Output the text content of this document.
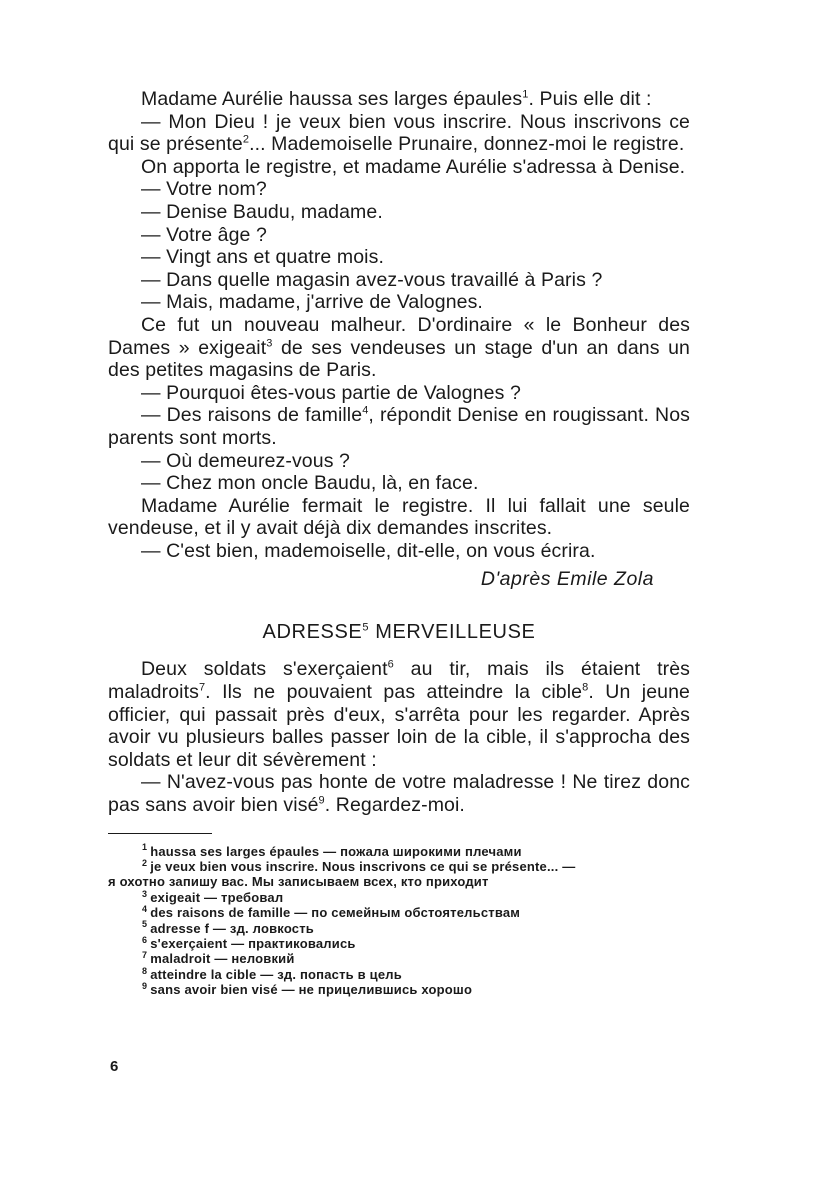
Madame Aurélie haussa ses larges épaules$^1$. Puis elle dit :

— Mon Dieu ! je veux bien vous inscrire. Nous inscrivons ce qui se présente$^2$... Mademoiselle Prunaire, donnez-moi le registre.

On apporta le registre, et madame Aurélie s'adressa à Denise.

— Votre nom?

— Denise Baudu, madame.

— Votre âge ?

— Vingt ans et quatre mois.

— Dans quelle magasin avez-vous travaillé à Paris ?

— Mais, madame, j'arrive de Valognes.

Ce fut un nouveau malheur. D'ordinaire « le Bonheur des Dames » exigeait$^3$ de ses vendeuses un stage d'un an dans un des petites magasins de Paris.

— Pourquoi êtes-vous partie de Valognes ?

— Des raisons de famille$^4$, répondit Denise en rougissant. Nos parents sont morts.

— Où demeurez-vous ?

— Chez mon oncle Baudu, là, en face.

Madame Aurélie fermait le registre. Il lui fallait une seule vendeuse, et il y avait déjà dix demandes inscrites.

— C'est bien, mademoiselle, dit-elle, on vous écrira.

D'après Emile Zola

ADRESSE$^5$ MERVEILLEUSE

Deux soldats s'exerçaient$^6$ au tir, mais ils étaient très maladroits$^7$. Ils ne pouvaient pas atteindre la cible$^8$. Un jeune officier, qui passait près d'eux, s'arrêta pour les regarder. Après avoir vu plusieurs balles passer loin de la cible, il s'approcha des soldats et leur dit sévèrement :

— N'avez-vous pas honte de votre maladresse ! Ne tirez donc pas sans avoir bien visé$^9$. Regardez-moi.

$^1$ haussa ses larges épaules — пожала широкими плечами

$^2$ je veux bien vous inscrire. Nous inscrivons ce qui se présente... —

я охотно запишу вас. Мы записываем всех, кто приходит

$^3$ exigeait — требовал

$^4$ des raisons de famille — по семейным обстоятельствам

$^5$ adresse f — зд. ловкость

$^6$ s'exerçaient — практиковались

$^7$ maladroit — неловкий

$^8$ atteindre la cible — зд. попасть в цель

$^9$ sans avoir bien visé — не прицелившись хорошо

6
